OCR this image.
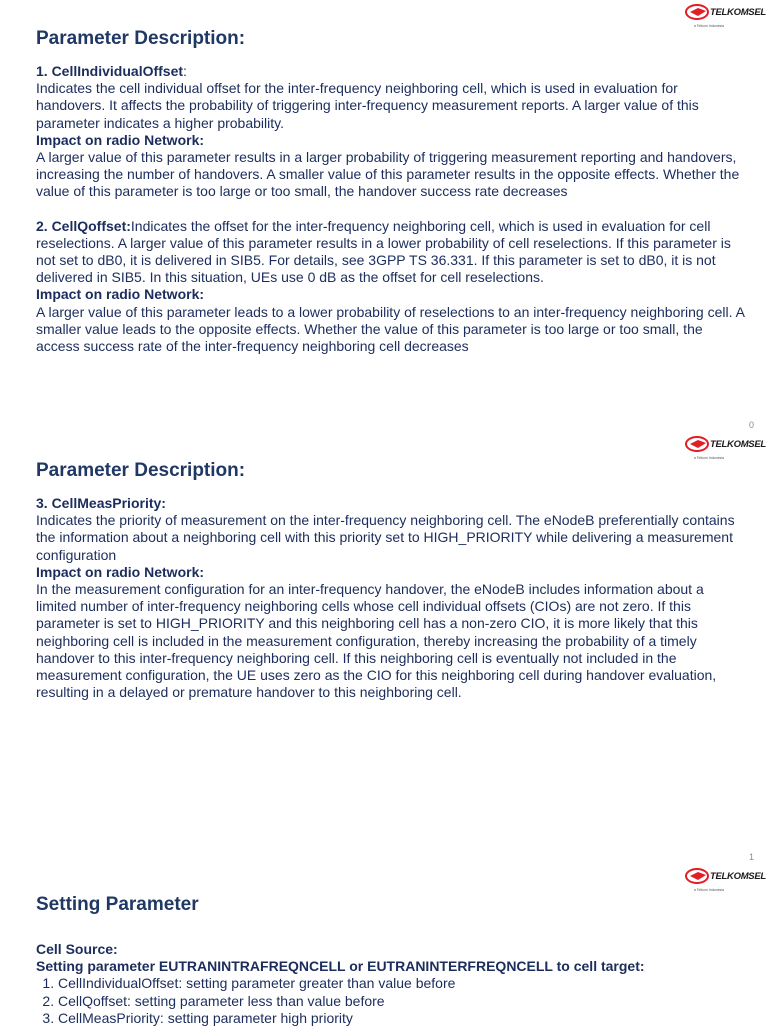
TELKOMSEL
a Telkom Indonesia
Parameter Description:

1. CellIndividualOffset:
Indicates the cell individual offset for the inter-frequency neighboring cell, which is used in evaluation for handovers. It affects the probability of triggering inter-frequency measurement reports. A larger value of this parameter indicates a higher probability.

Impact on radio Network:
A larger value of this parameter results in a larger probability of triggering measurement reporting and handovers, increasing the number of handovers. A smaller value of this parameter results in the opposite effects. Whether the value of this parameter is too large or too small, the handover success rate decreases

2. CellQoffset:Indicates the offset for the inter-frequency neighboring cell, which is used in evaluation for cell reselections. A larger value of this parameter results in a lower probability of cell reselections. If this parameter is not set to dB0, it is delivered in SIB5. For details, see 3GPP TS 36.331. If this parameter is set to dB0, it is not delivered in SIB5. In this situation, UEs use 0 dB as the offset for cell reselections.

Impact on radio Network:
A larger value of this parameter leads to a lower probability of reselections to an inter-frequency neighboring cell. A smaller value leads to the opposite effects. Whether the value of this parameter is too large or too small, the access success rate of the inter-frequency neighboring cell decreases

0
TELKOMSEL
a Telkom Indonesia
Parameter Description:

3. CellMeasPriority:
Indicates the priority of measurement on the inter-frequency neighboring cell. The eNodeB preferentially contains the information about a neighboring cell with this priority set to HIGH_PRIORITY while delivering a measurement configuration

Impact on radio Network:
In the measurement configuration for an inter-frequency handover, the eNodeB includes information about a limited number of inter-frequency neighboring cells whose cell individual offsets (CIOs) are not zero. If this parameter is set to HIGH_PRIORITY and this neighboring cell has a non-zero CIO, it is more likely that this neighboring cell is included in the measurement configuration, thereby increasing the probability of a timely handover to this inter-frequency neighboring cell. If this neighboring cell is eventually not included in the measurement configuration, the UE uses zero as the CIO for this neighboring cell during handover evaluation, resulting in a delayed or premature handover to this neighboring cell.

1
TELKOMSEL
a Telkom Indonesia
Setting Parameter

Cell Source:

Setting parameter EUTRANINTRAFREQNCELL or EUTRANINTERFREQNCELL to cell target:

1. CellIndividualOffset: setting parameter greater than value before
2. CellQoffset: setting parameter less than value before
3. CellMeasPriority: setting parameter high priority
